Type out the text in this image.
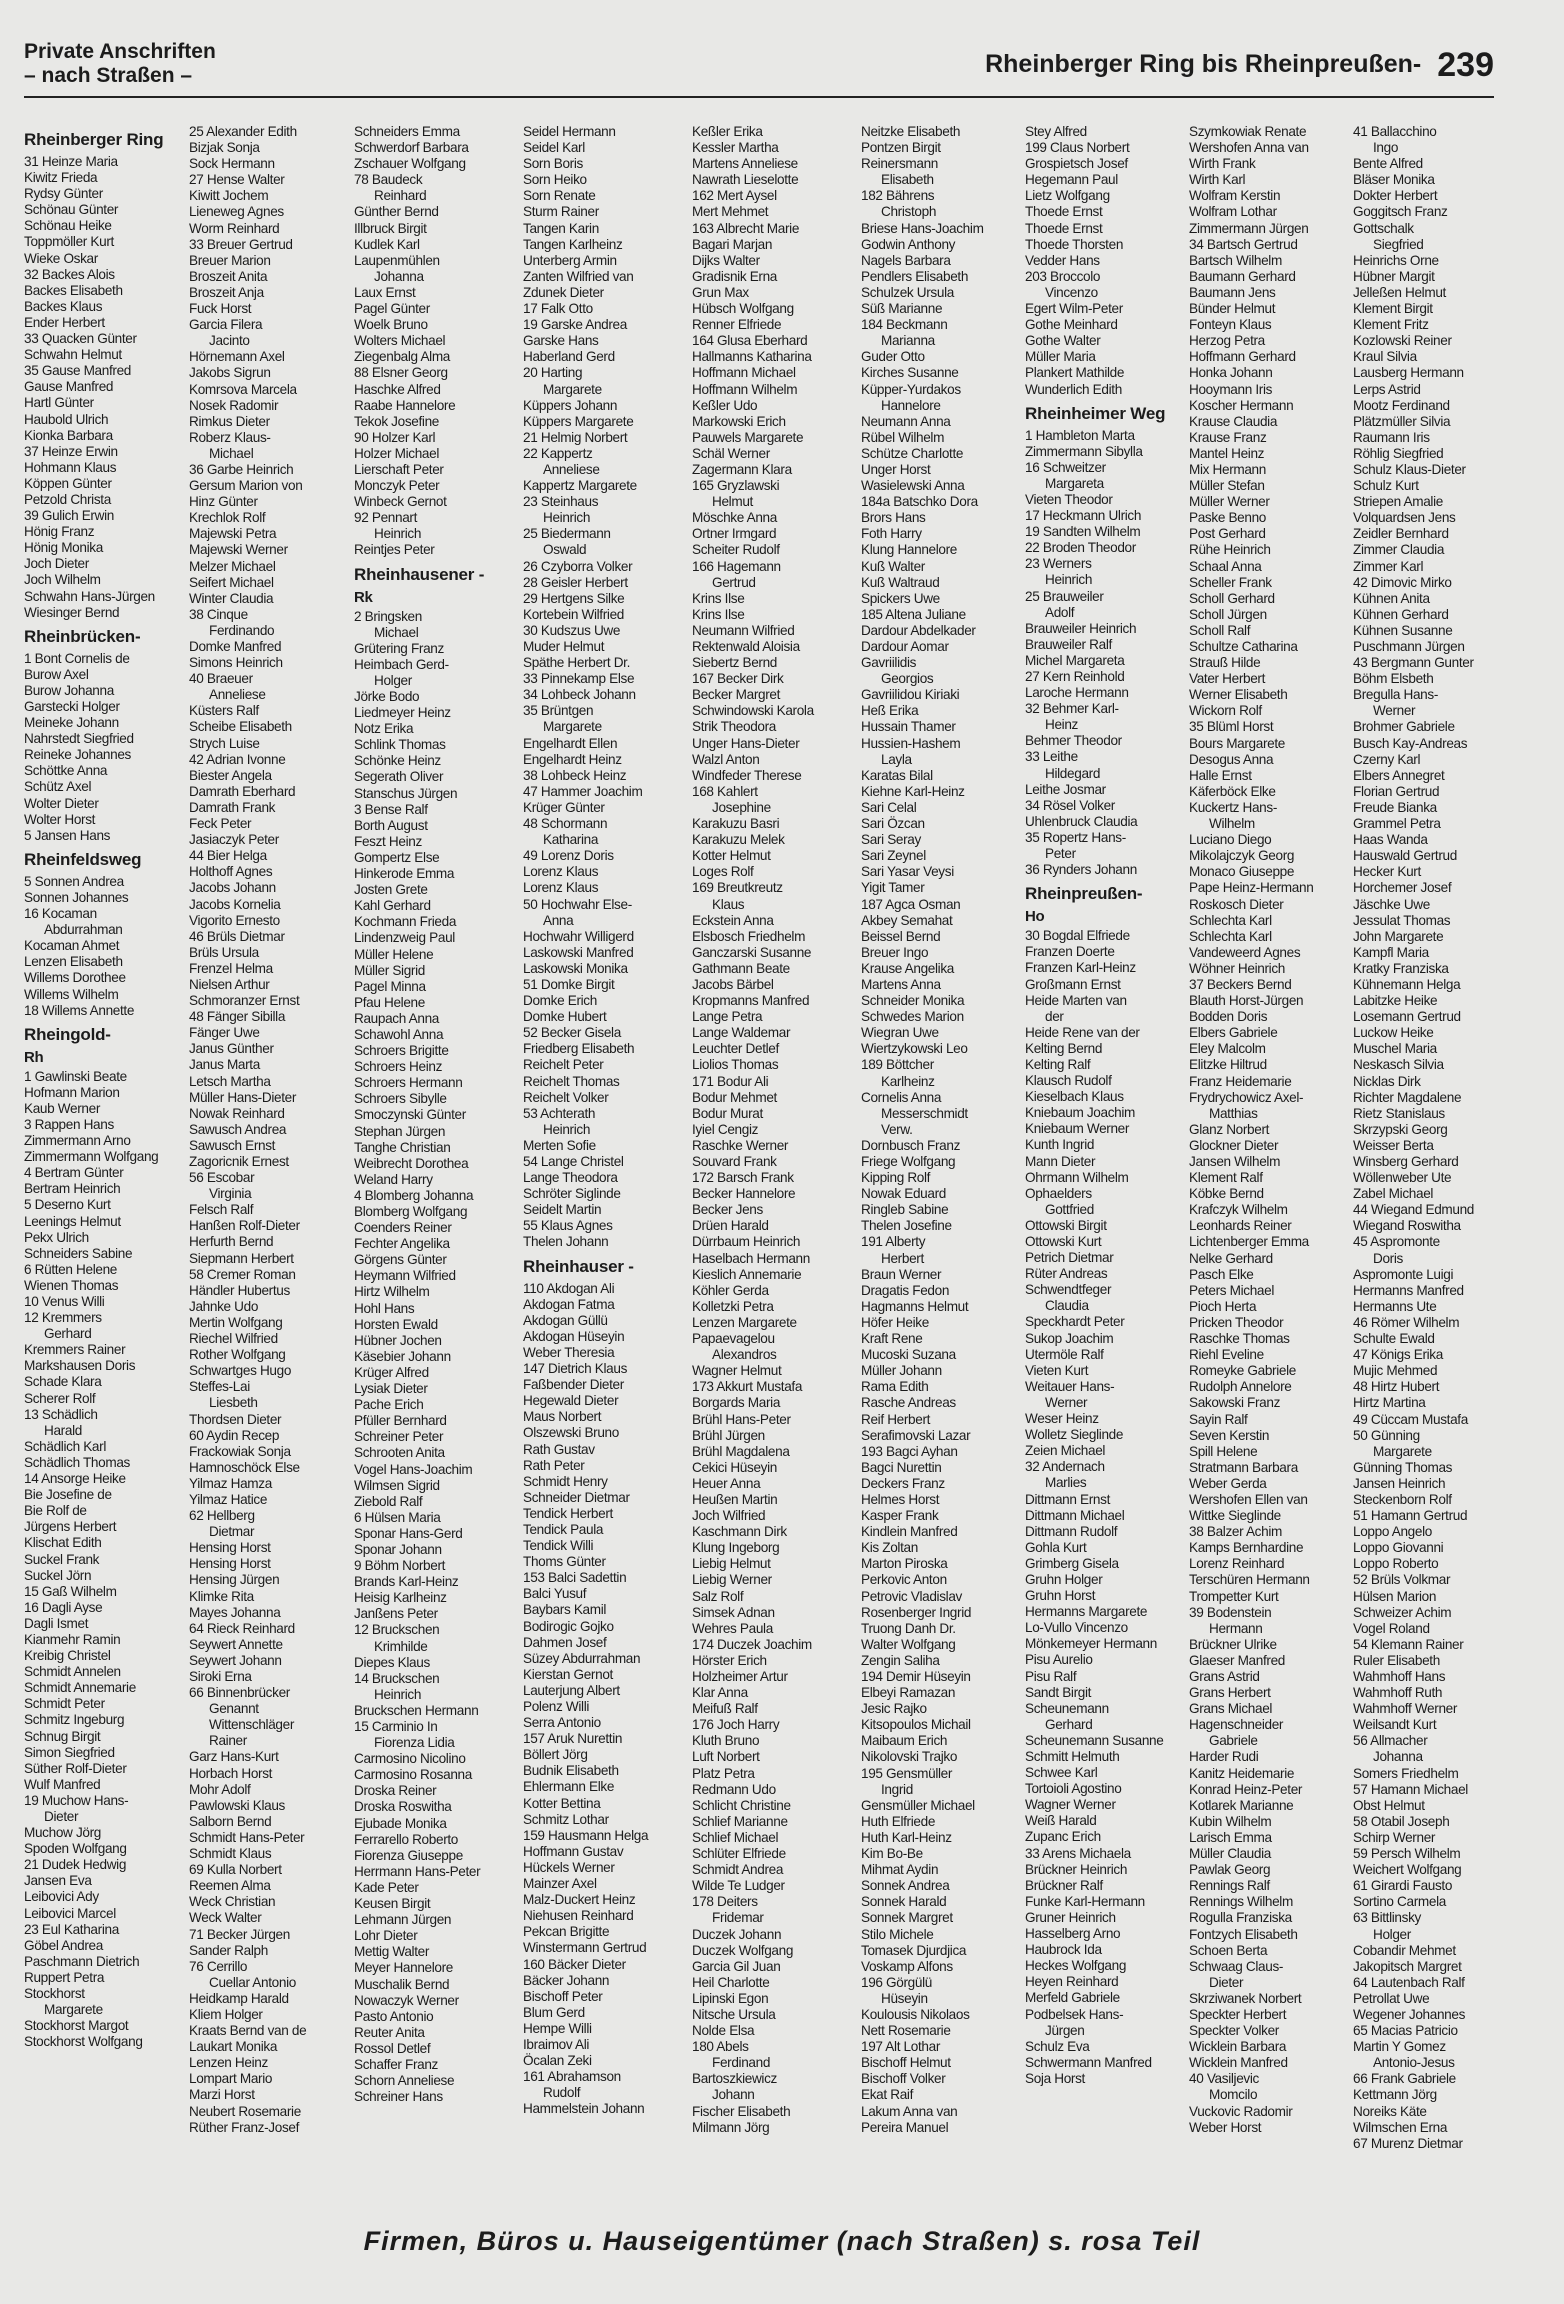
Private Anschriften
– nach Straßen –	Rheinberger Ring bis Rheinpreußen- 239
Rheinberger Ring
31 Heinze Maria
Kiwitz Frieda
Rydsy Günter
Schönau Günter
Schönau Heike
Toppmöller Kurt
Wieke Oskar
32 Backes Alois
Backes Elisabeth
Backes Klaus
Ender Herbert
33 Quacken Günter
Schwahn Helmut
35 Gause Manfred
Gause Manfred
Hartl Günter
Haubold Ulrich
Kionka Barbara
37 Heinze Erwin
Hohmann Klaus
Köppen Günter
Petzold Christa
39 Gulich Erwin
Hönig Franz
Hönig Monika
Joch Dieter
Joch Wilhelm
Schwahn Hans-Jürgen
Wiesinger Bernd
Rheinbrücken-
1 Bont Cornelis de
Burow Axel
Burow Johanna
Garstecki Holger
Meineke Johann
Nahrstedt Siegfried
Reineke Johannes
Schöttke Anna
Schütz Axel
Wolter Dieter
Wolter Horst
5 Jansen Hans
Rheinfeldsweg
5 Sonnen Andrea
Sonnen Johannes
16 Kocaman
Abdurrahman
Kocaman Ahmet
Lenzen Elisabeth
Willems Dorothee
Willems Wilhelm
18 Willems Annette
Rheingold-
Rh
1 Gawlinski Beate
Hofmann Marion
Kaub Werner
3 Rappen Hans
Zimmermann Arno
Zimmermann Wolfgang
4 Bertram Günter
Bertram Heinrich
5 Deserno Kurt
Leenings Helmut
Pekx Ulrich
Schneiders Sabine
6 Rütten Helene
Wienen Thomas
10 Venus Willi
12 Kremmers
Gerhard
Kremmers Rainer
Markshausen Doris
Schade Klara
Scherer Rolf
13 Schädlich
Harald
Schädlich Karl
Schädlich Thomas
14 Ansorge Heike
Bie Josefine de
Bie Rolf de
Jürgens Herbert
Klischat Edith
Suckel Frank
Suckel Jörn
15 Gaß Wilhelm
16 Dagli Ayse
Dagli Ismet
Kianmehr Ramin
Kreibig Christel
Schmidt Annelen
Schmidt Annemarie
Schmidt Peter
Schmitz Ingeburg
Schnug Birgit
Simon Siegfried
Süther Rolf-Dieter
Wulf Manfred
19 Muchow Hans-
Dieter
Muchow Jörg
Spoden Wolfgang
21 Dudek Hedwig
Jansen Eva
Leibovici Ady
Leibovici Marcel
23 Eul Katharina
Göbel Andrea
Paschmann Dietrich
Ruppert Petra
Stockhorst
Margarete
Stockhorst Margot
Stockhorst Wolfgang
25 Alexander Edith
Bizjak Sonja
Sock Hermann
27 Hense Walter
Kiwitt Jochem
Lieneweg Agnes
Worm Reinhard
33 Breuer Gertrud
Breuer Marion
Broszeit Anita
Broszeit Anja
Fuck Horst
Garcia Filera
Jacinto
Hörnemann Axel
Jakobs Sigrun
Komrsova Marcela
Nosek Radomir
Rimkus Dieter
Roberz Klaus-
Michael
36 Garbe Heinrich
Gersum Marion von
Hinz Günter
Krechlok Rolf
Majewski Petra
Majewski Werner
Melzer Michael
Seifert Michael
Winter Claudia
38 Cinque
Ferdinando
Domke Manfred
Simons Heinrich
40 Braeuer
Anneliese
Küsters Ralf
Scheibe Elisabeth
Strych Luise
42 Adrian Ivonne
Biester Angela
Damrath Eberhard
Damrath Frank
Feck Peter
Jasiaczyk Peter
44 Bier Helga
Holthoff Agnes
Jacobs Johann
Jacobs Kornelia
Vigorito Ernesto
46 Brüls Dietmar
Brüls Ursula
Frenzel Helma
Nielsen Arthur
Schmoranzer Ernst
48 Fänger Sibilla
Fänger Uwe
Janus Günther
Janus Marta
Letsch Martha
Müller Hans-Dieter
Nowak Reinhard
Sawusch Andrea
Sawusch Ernst
Zagoricnik Ernest
56 Escobar
Virginia
Felsch Ralf
Hanßen Rolf-Dieter
Herfurth Bernd
Siepmann Herbert
58 Cremer Roman
Händler Hubertus
Jahnke Udo
Mertin Wolfgang
Riechel Wilfried
Rother Wolfgang
Schwartges Hugo
Steffes-Lai
Liesbeth
Thordsen Dieter
60 Aydin Recep
Frackowiak Sonja
Hamnoschöck Else
Yilmaz Hamza
Yilmaz Hatice
62 Hellberg
Dietmar
Hensing Horst
Hensing Horst
Hensing Jürgen
Klimke Rita
Mayes Johanna
64 Rieck Reinhard
Seywert Annette
Seywert Johann
Siroki Erna
66 Binnenbrücker
Genannt
Wittenschläger
Rainer
Garz Hans-Kurt
Horbach Horst
Mohr Adolf
Pawlowski Klaus
Salborn Bernd
Schmidt Hans-Peter
Schmidt Klaus
69 Kulla Norbert
Reemen Alma
Weck Christian
Weck Walter
71 Becker Jürgen
Sander Ralph
76 Cerrillo
Cuellar Antonio
Heidkamp Harald
Kliem Holger
Kraats Bernd van de
Laukart Monika
Lenzen Heinz
Lompart Mario
Marzi Horst
Neubert Rosemarie
Rüther Franz-Josef
Schneiders Emma
Schwerdorf Barbara
Zschauer Wolfgang
78 Baudeck
Reinhard
Günther Bernd
Illbruck Birgit
Kudlek Karl
Laupenmühlen
Johanna
Laux Ernst
Pagel Günter
Woelk Bruno
Wolters Michael
Ziegenbalg Alma
88 Elsner Georg
Haschke Alfred
Raabe Hannelore
Tekok Josefine
90 Holzer Karl
Holzer Michael
Lierschaft Peter
Monczyk Peter
Winbeck Gernot
92 Pennart
Heinrich
Reintjes Peter
Rheinhausener -
Rk
2 Bringsken
Michael
Grütering Franz
Heimbach Gerd-
Holger
Jörke Bodo
Liedmeyer Heinz
Notz Erika
Schlink Thomas
Schönke Heinz
Segerath Oliver
Stanschus Jürgen
3 Bense Ralf
Borth August
Feszt Heinz
Gompertz Else
Hinkerode Emma
Josten Grete
Kahl Gerhard
Kochmann Frieda
Lindenzweig Paul
Müller Helene
Müller Sigrid
Pagel Minna
Pfau Helene
Raupach Anna
Schawohl Anna
Schroers Brigitte
Schroers Heinz
Schroers Hermann
Schroers Sibylle
Smoczynski Günter
Stephan Jürgen
Tanghe Christian
Weibrecht Dorothea
Weland Harry
4 Blomberg Johanna
Blomberg Wolfgang
Coenders Reiner
Fechter Angelika
Görgens Günter
Heymann Wilfried
Hirtz Wilhelm
Hohl Hans
Horsten Ewald
Hübner Jochen
Käsebier Johann
Krüger Alfred
Lysiak Dieter
Pache Erich
Pfüller Bernhard
Schreiner Peter
Schrooten Anita
Vogel Hans-Joachim
Wilmsen Sigrid
Ziebold Ralf
6 Hülsen Maria
Sponar Hans-Gerd
Sponar Johann
9 Böhm Norbert
Brands Karl-Heinz
Heisig Karlheinz
Janßens Peter
12 Bruckschen
Krimhilde
Diepes Klaus
14 Bruckschen
Heinrich
Bruckschen Hermann
15 Carminio In
Fiorenza Lidia
Carmosino Nicolino
Carmosino Rosanna
Droska Reiner
Droska Roswitha
Ejubade Monika
Ferrarello Roberto
Fiorenza Giuseppe
Herrmann Hans-Peter
Kade Peter
Keusen Birgit
Lehmann Jürgen
Lohr Dieter
Mettig Walter
Meyer Hannelore
Muschalik Bernd
Nowaczyk Werner
Pasto Antonio
Reuter Anita
Rossol Detlef
Schaffer Franz
Schorn Anneliese
Schreiner Hans
Seidel Hermann
Seidel Karl
Sorn Boris
Sorn Heiko
Sorn Renate
Sturm Rainer
Tangen Karin
Tangen Karlheinz
Unterberg Armin
Zanten Wilfried van
Zdunek Dieter
17 Falk Otto
19 Garske Andrea
Garske Hans
Haberland Gerd
20 Harting
Margarete
Küppers Johann
Küppers Margarete
21 Helmig Norbert
22 Kappertz
Anneliese
Kappertz Margarete
23 Steinhaus
Heinrich
25 Biedermann
Oswald
26 Czyborra Volker
28 Geisler Herbert
29 Hertgens Silke
Kortebein Wilfried
30 Kudszus Uwe
Muder Helmut
Späthe Herbert Dr.
33 Pinnekamp Else
34 Lohbeck Johann
35 Brüntgen
Margarete
Engelhardt Ellen
Engelhardt Heinz
38 Lohbeck Heinz
47 Hammer Joachim
Krüger Günter
48 Schormann
Katharina
49 Lorenz Doris
Lorenz Klaus
Lorenz Klaus
50 Hochwahr Else-
Anna
Hochwahr Willigerd
Laskowski Manfred
Laskowski Monika
51 Domke Birgit
Domke Erich
Domke Hubert
52 Becker Gisela
Friedberg Elisabeth
Reichelt Peter
Reichelt Thomas
Reichelt Volker
53 Achterath
Heinrich
Merten Sofie
54 Lange Christel
Lange Theodora
Schröter Siglinde
Seidelt Martin
55 Klaus Agnes
Thelen Johann
Rheinhauser -
110 Akdogan Ali
Akdogan Fatma
Akdogan Güllü
Akdogan Hüseyin
Weber Theresia
147 Dietrich Klaus
Faßbender Dieter
Hegewald Dieter
Maus Norbert
Olszewski Bruno
Rath Gustav
Rath Peter
Schmidt Henry
Schneider Dietmar
Tendick Herbert
Tendick Paula
Tendick Willi
Thoms Günter
153 Balci Sadettin
Balci Yusuf
Baybars Kamil
Bodirogic Gojko
Dahmen Josef
Süzey Abdurrahman
Kierstan Gernot
Lauterjung Albert
Polenz Willi
Serra Antonio
157 Aruk Nurettin
Böllert Jörg
Budnik Elisabeth
Ehlermann Elke
Kotter Bettina
Schmitz Lothar
159 Hausmann Helga
Hoffmann Gustav
Hückels Werner
Mainzer Axel
Malz-Duckert Heinz
Niehusen Reinhard
Pekcan Brigitte
Winstermann Gertrud
160 Bäcker Dieter
Bäcker Johann
Bischoff Peter
Blum Gerd
Hempe Willi
Ibraimov Ali
Öcalan Zeki
161 Abrahamson
Rudolf
Hammelstein Johann
Keßler Erika
Kessler Martha
Martens Anneliese
Nawrath Lieselotte
162 Mert Aysel
Mert Mehmet
163 Albrecht Marie
Bagari Marjan
Dijks Walter
Gradisnik Erna
Grun Max
Hübsch Wolfgang
Renner Elfriede
164 Glusa Eberhard
Hallmanns Katharina
Hoffmann Michael
Hoffmann Wilhelm
Keßler Udo
Markowski Erich
Pauwels Margarete
Schäl Werner
Zagermann Klara
165 Gryzlawski
Helmut
Möschke Anna
Ortner Irmgard
Scheiter Rudolf
166 Hagemann
Gertrud
Krins Ilse
Krins Ilse
Neumann Wilfried
Rektenwald Aloisia
Siebertz Bernd
167 Becker Dirk
Becker Margret
Schwindowski Karola
Strik Theodora
Unger Hans-Dieter
Walzl Anton
Windfeder Therese
168 Kahlert
Josephine
Karakuzu Basri
Karakuzu Melek
Kotter Helmut
Loges Rolf
169 Breutkreutz
Klaus
Eckstein Anna
Elsbosch Friedhelm
Ganczarski Susanne
Gathmann Beate
Jacobs Bärbel
Kropmanns Manfred
Lange Petra
Lange Waldemar
Leuchter Detlef
Liolios Thomas
171 Bodur Ali
Bodur Mehmet
Bodur Murat
Iyiel Cengiz
Raschke Werner
Souvard Frank
172 Barsch Frank
Becker Hannelore
Becker Jens
Drüen Harald
Dürrbaum Heinrich
Haselbach Hermann
Kieslich Annemarie
Köhler Gerda
Kolletzki Petra
Lenzen Margarete
Papaevagelou
Alexandros
Wagner Helmut
173 Akkurt Mustafa
Borgards Maria
Brühl Hans-Peter
Brühl Jürgen
Brühl Magdalena
Cekici Hüseyin
Heuer Anna
Heußen Martin
Joch Wilfried
Kaschmann Dirk
Klung Ingeborg
Liebig Helmut
Liebig Werner
Salz Rolf
Simsek Adnan
Wehres Paula
174 Duczek Joachim
Hörster Erich
Holzheimer Artur
Klar Anna
Meifuß Ralf
176 Joch Harry
Kluth Bruno
Luft Norbert
Platz Petra
Redmann Udo
Schlicht Christine
Schlief Marianne
Schlief Michael
Schlüter Elfriede
Schmidt Andrea
Wilde Te Ludger
178 Deiters
Fridemar
Duczek Johann
Duczek Wolfgang
Garcia Gil Juan
Heil Charlotte
Lipinski Egon
Nitsche Ursula
Nolde Elsa
180 Abels
Ferdinand
Bartoszkiewicz
Johann
Fischer Elisabeth
Milmann Jörg
Neitzke Elisabeth
Pontzen Birgit
Reinersmann
Elisabeth
182 Bährens
Christoph
Briese Hans-Joachim
Godwin Anthony
Nagels Barbara
Pendlers Elisabeth
Schulzek Ursula
Süß Marianne
184 Beckmann
Marianna
Guder Otto
Kirches Susanne
Küpper-Yurdakos
Hannelore
Neumann Anna
Rübel Wilhelm
Schütze Charlotte
Unger Horst
Wasielewski Anna
184a Batschko Dora
Brors Hans
Foth Harry
Klung Hannelore
Kuß Walter
Kuß Waltraud
Spickers Uwe
185 Altena Juliane
Dardour Abdelkader
Dardour Aomar
Gavriilidis
Georgios
Gavriilidou Kiriaki
Heß Erika
Hussain Thamer
Hussien-Hashem
Layla
Karatas Bilal
Kiehne Karl-Heinz
Sari Celal
Sari Özcan
Sari Seray
Sari Zeynel
Sari Yasar Veysi
Yigit Tamer
187 Agca Osman
Akbey Semahat
Beissel Bernd
Breuer Ingo
Krause Angelika
Martens Anna
Schneider Monika
Schwedes Marion
Wiegran Uwe
Wiertzykowski Leo
189 Böttcher
Karlheinz
Cornelis Anna
Messerschmidt
Verw.
Dornbusch Franz
Friege Wolfgang
Kipping Rolf
Nowak Eduard
Ringleb Sabine
Thelen Josefine
191 Alberty
Herbert
Braun Werner
Dragatis Fedon
Hagmanns Helmut
Höfer Heike
Kraft Rene
Mucoski Suzana
Müller Johann
Rama Edith
Rasche Andreas
Reif Herbert
Serafimovski Lazar
193 Bagci Ayhan
Bagci Nurettin
Deckers Franz
Helmes Horst
Kasper Frank
Kindlein Manfred
Kis Zoltan
Marton Piroska
Perkovic Anton
Petrovic Vladislav
Rosenberger Ingrid
Truong Danh Dr.
Walter Wolfgang
Zengin Saliha
194 Demir Hüseyin
Elbeyi Ramazan
Jesic Rajko
Kitsopoulos Michail
Maibaum Erich
Nikolovski Trajko
195 Gensmüller
Ingrid
Gensmüller Michael
Huth Elfriede
Huth Karl-Heinz
Kim Bo-Be
Mihmat Aydin
Sonnek Andrea
Sonnek Harald
Sonnek Margret
Stilo Michele
Tomasek Djurdjica
Voskamp Alfons
196 Görgülü
Hüseyin
Koulousis Nikolaos
Nett Rosemarie
197 Alt Lothar
Bischoff Helmut
Bischoff Volker
Ekat Raif
Lakum Anna van
Pereira Manuel
Stey Alfred
199 Claus Norbert
Grospietsch Josef
Hegemann Paul
Lietz Wolfgang
Thoede Ernst
Thoede Ernst
Thoede Thorsten
Vedder Hans
203 Broccolo
Vincenzo
Egert Wilm-Peter
Gothe Meinhard
Gothe Walter
Müller Maria
Plankert Mathilde
Wunderlich Edith
Rheinheimer Weg
1 Hambleton Marta
Zimmermann Sibylla
16 Schweitzer
Margareta
Vieten Theodor
17 Heckmann Ulrich
19 Sandten Wilhelm
22 Broden Theodor
23 Werners
Heinrich
25 Brauweiler
Adolf
Brauweiler Heinrich
Brauweiler Ralf
Michel Margareta
27 Kern Reinhold
Laroche Hermann
32 Behmer Karl-
Heinz
Behmer Theodor
33 Leithe
Hildegard
Leithe Josmar
34 Rösel Volker
Uhlenbruck Claudia
35 Ropertz Hans-
Peter
36 Rynders Johann
Rheinpreußen-
Ho
30 Bogdal Elfriede
Franzen Doerte
Franzen Karl-Heinz
Großmann Ernst
Heide Marten van
der
Heide Rene van der
Kelting Bernd
Kelting Ralf
Klausch Rudolf
Kieselbach Klaus
Kniebaum Joachim
Kniebaum Werner
Kunth Ingrid
Mann Dieter
Ohrmann Wilhelm
Ophaelders
Gottfried
Ottowski Birgit
Ottowski Kurt
Petrich Dietmar
Rüter Andreas
Schwendtfeger
Claudia
Speckhardt Peter
Sukop Joachim
Utermöle Ralf
Vieten Kurt
Weitauer Hans-
Werner
Weser Heinz
Wolletz Sieglinde
Zeien Michael
32 Andernach
Marlies
Dittmann Ernst
Dittmann Michael
Dittmann Rudolf
Gohla Kurt
Grimberg Gisela
Gruhn Holger
Gruhn Horst
Hermanns Margarete
Lo-Vullo Vincenzo
Mönkemeyer Hermann
Pisu Aurelio
Pisu Ralf
Sandt Birgit
Scheunemann
Gerhard
Scheunemann Susanne
Schmitt Helmuth
Schwee Karl
Tortoioli Agostino
Wagner Werner
Weiß Harald
Zupanc Erich
33 Arens Michaela
Brückner Heinrich
Brückner Ralf
Funke Karl-Hermann
Gruner Heinrich
Hasselberg Arno
Haubrock Ida
Heckes Wolfgang
Heyen Reinhard
Merfeld Gabriele
Podbelsek Hans-
Jürgen
Schulz Eva
Schwermann Manfred
Soja Horst
Szymkowiak Renate
Wershofen Anna van
Wirth Frank
Wirth Karl
Wolfram Kerstin
Wolfram Lothar
Zimmermann Jürgen
34 Bartsch Gertrud
Bartsch Wilhelm
Baumann Gerhard
Baumann Jens
Bünder Helmut
Fonteyn Klaus
Herzog Petra
Hoffmann Gerhard
Honka Johann
Hooymann Iris
Koscher Hermann
Krause Claudia
Krause Franz
Mantel Heinz
Mix Hermann
Müller Stefan
Müller Werner
Paske Benno
Post Gerhard
Rühe Heinrich
Schaal Anna
Scheller Frank
Scholl Gerhard
Scholl Jürgen
Scholl Ralf
Schultze Catharina
Strauß Hilde
Vater Herbert
Werner Elisabeth
Wickorn Rolf
35 Blüml Horst
Bours Margarete
Desogus Anna
Halle Ernst
Käferböck Elke
Kuckertz Hans-
Wilhelm
Luciano Diego
Mikolajczyk Georg
Monaco Giuseppe
Pape Heinz-Hermann
Roskosch Dieter
Schlechta Karl
Schlechta Karl
Vandeweerd Agnes
Wöhner Heinrich
37 Beckers Bernd
Blauth Horst-Jürgen
Bodden Doris
Elbers Gabriele
Eley Malcolm
Elitzke Hiltrud
Franz Heidemarie
Frydrychowicz Axel-
Matthias
Glanz Norbert
Glockner Dieter
Jansen Wilhelm
Klement Ralf
Köbke Bernd
Krafczyk Wilhelm
Leonhards Reiner
Lichtenberger Emma
Nelke Gerhard
Pasch Elke
Peters Michael
Pioch Herta
Pricken Theodor
Raschke Thomas
Riehl Eveline
Romeyke Gabriele
Rudolph Annelore
Sakowski Franz
Sayin Ralf
Seven Kerstin
Spill Helene
Stratmann Barbara
Weber Gerda
Wershofen Ellen van
Wittke Sieglinde
38 Balzer Achim
Kamps Bernhardine
Lorenz Reinhard
Terschüren Hermann
Trompetter Kurt
39 Bodenstein
Hermann
Brückner Ulrike
Glaeser Manfred
Grans Astrid
Grans Herbert
Grans Michael
Hagenschneider
Gabriele
Harder Rudi
Kanitz Heidemarie
Konrad Heinz-Peter
Kotlarek Marianne
Kubin Wilhelm
Larisch Emma
Müller Claudia
Pawlak Georg
Rennings Ralf
Rennings Wilhelm
Rogulla Franziska
Fontzych Elisabeth
Schoen Berta
Schwaag Claus-
Dieter
Skrziwanek Norbert
Speckter Herbert
Speckter Volker
Wicklein Barbara
Wicklein Manfred
40 Vasiljevic
Momcilo
Vuckovic Radomir
Weber Horst
41 Ballacchino
Ingo
Bente Alfred
Bläser Monika
Dokter Herbert
Goggitsch Franz
Gottschalk
Siegfried
Heinrichs Orne
Hübner Margit
Jelleßen Helmut
Klement Birgit
Klement Fritz
Kozlowski Reiner
Kraul Silvia
Lausberg Hermann
Lerps Astrid
Mootz Ferdinand
Plätzmüller Silvia
Raumann Iris
Röhlig Siegfried
Schulz Klaus-Dieter
Schulz Kurt
Striepen Amalie
Volquardsen Jens
Zeidler Bernhard
Zimmer Claudia
Zimmer Karl
42 Dimovic Mirko
Kühnen Anita
Kühnen Gerhard
Kühnen Susanne
Puschmann Jürgen
43 Bergmann Gunter
Böhm Elsbeth
Bregulla Hans-
Werner
Brohmer Gabriele
Busch Kay-Andreas
Czerny Karl
Elbers Annegret
Florian Gertrud
Freude Bianka
Grammel Petra
Haas Wanda
Hauswald Gertrud
Hecker Kurt
Horchemer Josef
Jäschke Uwe
Jessulat Thomas
John Margarete
Kampfl Maria
Kratky Franziska
Kühnemann Helga
Labitzke Heike
Losemann Gertrud
Luckow Heike
Muschel Maria
Neskasch Silvia
Nicklas Dirk
Richter Magdalene
Rietz Stanislaus
Skrzypski Georg
Weisser Berta
Winsberg Gerhard
Wöllenweber Ute
Zabel Michael
44 Wiegand Edmund
Wiegand Roswitha
45 Aspromonte
Doris
Aspromonte Luigi
Hermanns Manfred
Hermanns Ute
46 Römer Wilhelm
Schulte Ewald
47 Königs Erika
Mujic Mehmed
48 Hirtz Hubert
Hirtz Martina
49 Cüccam Mustafa
50 Günning
Margarete
Günning Thomas
Jansen Heinrich
Steckenborn Rolf
51 Hamann Gertrud
Loppo Angelo
Loppo Giovanni
Loppo Roberto
52 Brüls Volkmar
Hülsen Marion
Schweizer Achim
Vogel Roland
54 Klemann Rainer
Ruler Elisabeth
Wahmhoff Hans
Wahmhoff Ruth
Wahmhoff Werner
Weilsandt Kurt
56 Allmacher
Johanna
Somers Friedhelm
57 Hamann Michael
Obst Helmut
58 Otabil Joseph
Schirp Werner
59 Persch Wilhelm
Weichert Wolfgang
61 Girardi Fausto
Sortino Carmela
63 Bittlinsky
Holger
Cobandir Mehmet
Jakopitsch Margret
64 Lautenbach Ralf
Petrollat Uwe
Wegener Johannes
65 Macias Patricio
Martin Y Gomez
Antonio-Jesus
66 Frank Gabriele
Kettmann Jörg
Noreiks Käte
Wilmschen Erna
67 Murenz Dietmar
Firmen, Büros u. Hauseigentümer (nach Straßen) s. rosa Teil
